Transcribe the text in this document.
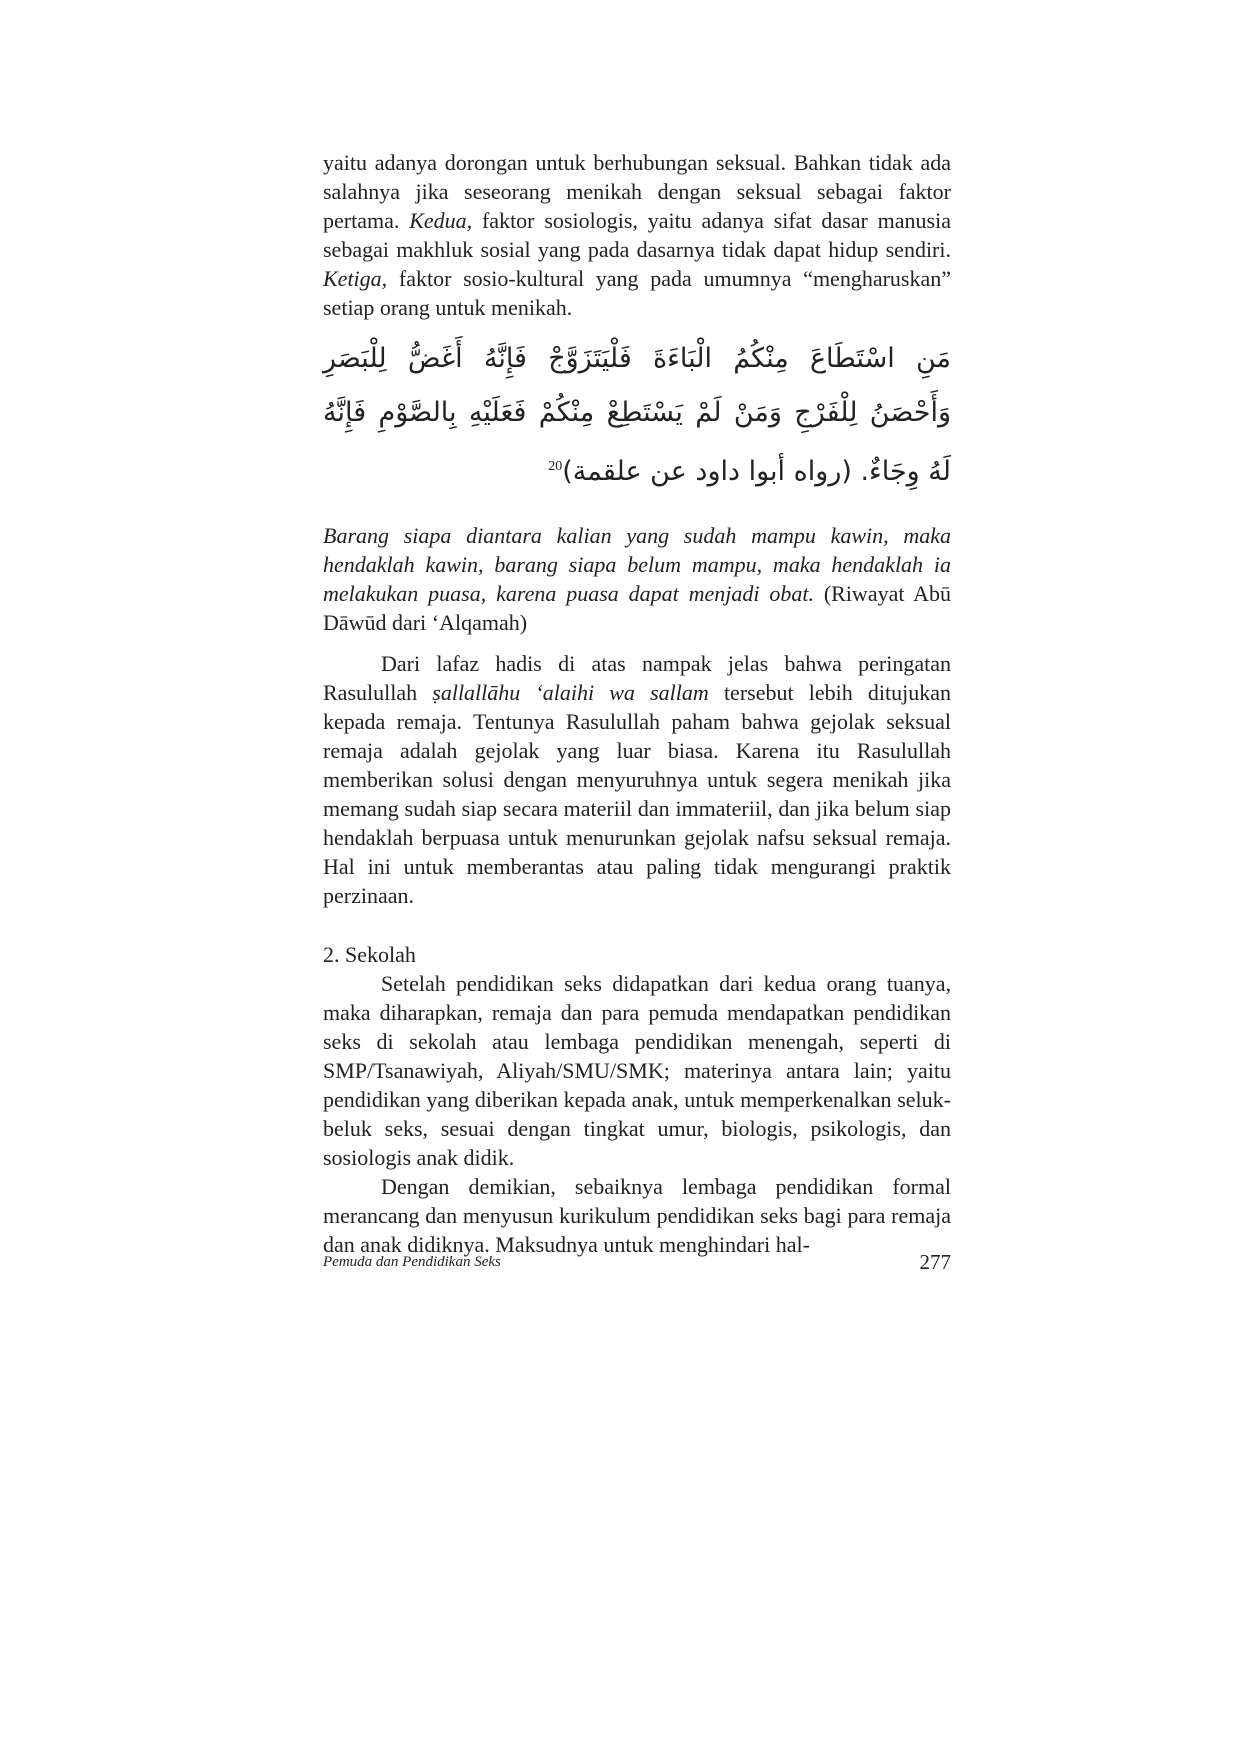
yaitu adanya dorongan untuk berhubungan seksual. Bahkan tidak ada salahnya jika seseorang menikah dengan seksual sebagai faktor pertama. Kedua, faktor sosiologis, yaitu adanya sifat dasar manusia sebagai makhluk sosial yang pada dasarnya tidak dapat hidup sendiri. Ketiga, faktor sosio-kultural yang pada umumnya “mengharuskan” setiap orang untuk menikah.

مَنِ اسْتَطَاعَ مِنْكُمُ الْبَاءَةَ فَلْيَتَزَوَّجْ فَإِنَّهُ أَغَضُّ لِلْبَصَرِ وَأَحْصَنُ لِلْفَرْجِ وَمَنْ لَمْ يَسْتَطِعْ مِنْكُمْ فَعَلَيْهِ بِالصَّوْمِ فَإِنَّهُ لَهُ وِجَاءٌ. (رواه أبوا داود عن علقمة)$^{20}$

Barang siapa diantara kalian yang sudah mampu kawin, maka hendaklah kawin, barang siapa belum mampu, maka hendaklah ia melakukan puasa, karena puasa dapat menjadi obat. (Riwayat Abū Dāwūd dari ‘Alqamah)

Dari lafaz hadis di atas nampak jelas bahwa peringatan Rasulullah ṣallallāhu ‘alaihi wa sallam tersebut lebih ditujukan kepada remaja. Tentunya Rasulullah paham bahwa gejolak seksual remaja adalah gejolak yang luar biasa. Karena itu Rasulullah memberikan solusi dengan menyuruhnya untuk segera menikah jika memang sudah siap secara materiil dan immateriil, dan jika belum siap hendaklah berpuasa untuk menurunkan gejolak nafsu seksual remaja. Hal ini untuk memberantas atau paling tidak mengurangi praktik perzinaan.

2. Sekolah

Setelah pendidikan seks didapatkan dari kedua orang tuanya, maka diharapkan, remaja dan para pemuda mendapatkan pendidikan seks di sekolah atau lembaga pendidikan menengah, seperti di SMP/Tsanawiyah, Aliyah/SMU/SMK; materinya antara lain; yaitu pendidikan yang diberikan kepada anak, untuk memperkenalkan seluk-beluk seks, sesuai dengan tingkat umur, biologis, psikologis, dan sosiologis anak didik.

Dengan demikian, sebaiknya lembaga pendidikan formal merancang dan menyusun kurikulum pendidikan seks bagi para remaja dan anak didiknya. Maksudnya untuk menghindari hal-

Pemuda dan Pendidikan Seks	277
